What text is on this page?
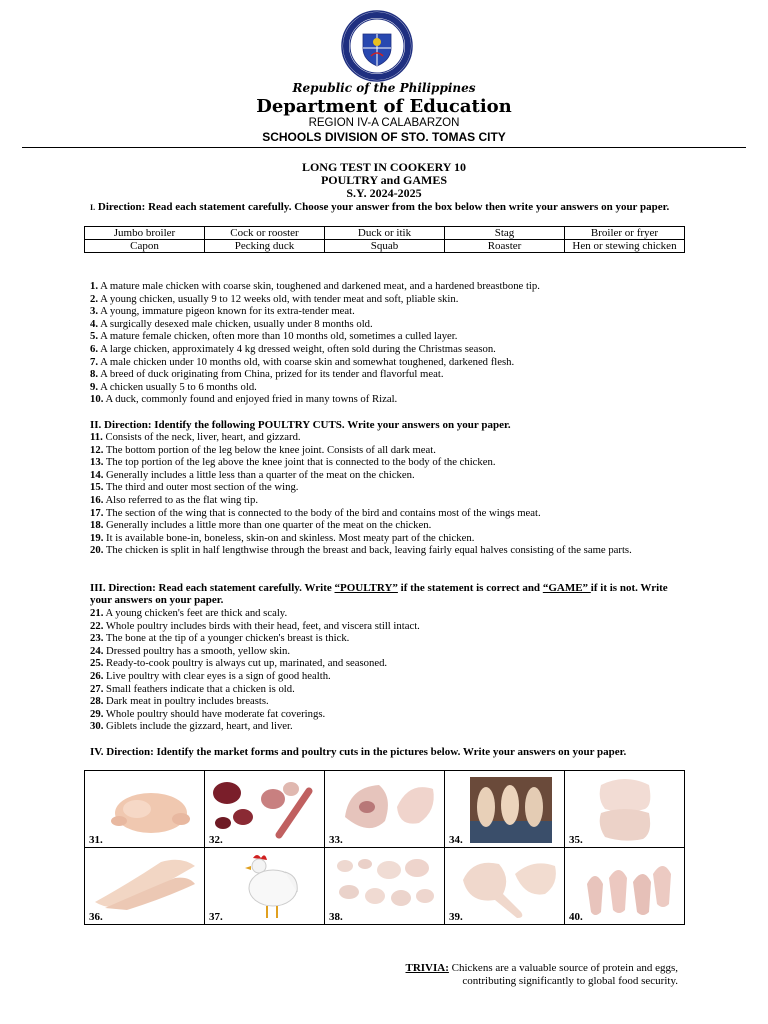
Republic of the Philippines
Department of Education
REGION IV-A CALABARZON
SCHOOLS DIVISION OF STO. TOMAS CITY
LONG TEST IN COOKERY 10
POULTRY and GAMES
S.Y. 2024-2025
I. Direction: Read each statement carefully. Choose your answer from the box below then write your answers on your paper.
Jumbo broiler	Cock or rooster	Duck or itik	Stag	Broiler or fryer
Capon	Pecking duck	Squab	Roaster	Hen or stewing chicken
1. A mature male chicken with coarse skin, toughened and darkened meat, and a hardened breastbone tip.
2. A young chicken, usually 9 to 12 weeks old, with tender meat and soft, pliable skin.
3. A young, immature pigeon known for its extra-tender meat.
4. A surgically desexed male chicken, usually under 8 months old.
5. A mature female chicken, often more than 10 months old, sometimes a culled layer.
6. A large chicken, approximately 4 kg dressed weight, often sold during the Christmas season.
7. A male chicken under 10 months old, with coarse skin and somewhat toughened, darkened flesh.
8. A breed of duck originating from China, prized for its tender and flavorful meat.
9. A chicken usually 5 to 6 months old.
10. A duck, commonly found and enjoyed fried in many towns of Rizal.
II. Direction: Identify the following POULTRY CUTS. Write your answers on your paper.
11. Consists of the neck, liver, heart, and gizzard.
12. The bottom portion of the leg below the knee joint. Consists of all dark meat.
13. The top portion of the leg above the knee joint that is connected to the body of the chicken.
14. Generally includes a little less than a quarter of the meat on the chicken.
15. The third and outer most section of the wing.
16. Also referred to as the flat wing tip.
17. The section of the wing that is connected to the body of the bird and contains most of the wings meat.
18. Generally includes a little more than one quarter of the meat on the chicken.
19. It is available bone-in, boneless, skin-on and skinless. Most meaty part of the chicken.
20. The chicken is split in half lengthwise through the breast and back, leaving fairly equal halves consisting of the same parts.
III. Direction: Read each statement carefully. Write “POULTRY” if the statement is correct and “GAME” if it is not. Write your answers on your paper.
21. A young chicken's feet are thick and scaly.
22. Whole poultry includes birds with their head, feet, and viscera still intact.
23. The bone at the tip of a younger chicken's breast is thick.
24. Dressed poultry has a smooth, yellow skin.
25. Ready-to-cook poultry is always cut up, marinated, and seasoned.
26. Live poultry with clear eyes is a sign of good health.
27. Small feathers indicate that a chicken is old.
28. Dark meat in poultry includes breasts.
29. Whole poultry should have moderate fat coverings.
30. Giblets include the gizzard, heart, and liver.
IV. Direction: Identify the market forms and poultry cuts in the pictures below. Write your answers on your paper.
31.	32.	33.	34.	35.

36.	37.	38.	39.	40.
TRIVIA: Chickens are a valuable source of protein and eggs,
contributing significantly to global food security.
